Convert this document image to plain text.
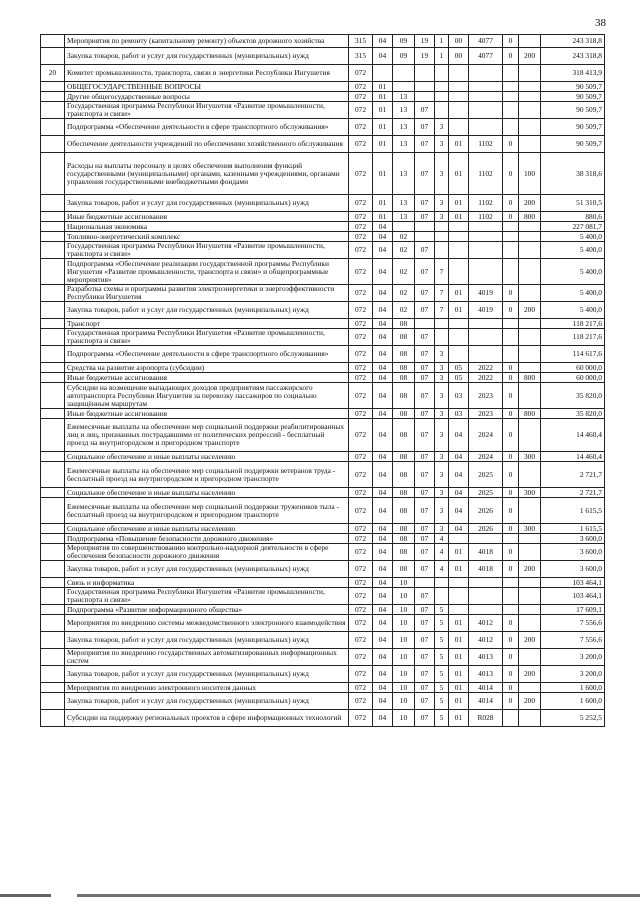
38
	Мероприятия по ремонту (капитальному ремонту) объектов дорожного хозяйства	315	04	09	19	1	00	4077	0		243 318,8
	Закупка товаров, работ и услуг для государственных (муниципальных) нужд	315	04	09	19	1	00	4077	0	200	243 318,8
20	Комитет промышленности, транспорта, связи и энергетики Республики Ингушетия	072									318 413,9
	ОБЩЕГОСУДАРСТВЕННЫЕ ВОПРОСЫ	072	01								90 509,7
	Другие общегосударственные вопросы	072	01	13							90 509,7
	Государственная программа Республики Ингушетия «Развитие промышленности, транспорта и связи»	072	01	13	07						90 509,7
	Подпрограмма «Обеспечение деятельности в сфере транспортного обслуживания»	072	01	13	07	3					90 509,7
	Обеспечение деятельности учреждений по обеспечению хозяйственного обслуживания	072	01	13	07	3	01	1102	0		90 509,7
	Расходы на выплаты персоналу в целях обеспечения выполнения функций государственными (муниципальными) органами, казенными учреждениями, органами управления государственными внебюджетными фондами	072	01	13	07	3	01	1102	0	100	38 318,6
	Закупка товаров, работ и услуг для государственных (муниципальных) нужд	072	01	13	07	3	01	1102	0	200	51 310,5
	Иные бюджетные ассигнования	072	01	13	07	3	01	1102	0	800	880,6
	Национальная экономика	072	04								227 081,7
	Топливно-энергетический комплекс	072	04	02							5 400,0
	Государственная программа Республики Ингушетия «Развитие промышленности, транспорта и связи»	072	04	02	07						5 400,0
	Подпрограмма «Обеспечение реализации государственной программы Республики Ингушетия «Развитие промышленности, транспорта и связи» и общепрограммные мероприятия»	072	04	02	07	7					5 400,0
	Разработка схемы и программы развития электроэнергетики и энергоэффективности Республики Ингушетия	072	04	02	07	7	01	4019	0		5 400,0
	Закупка товаров, работ и услуг для государственных (муниципальных) нужд	072	04	02	07	7	01	4019	0	200	5 400,0
	Транспорт	072	04	08							118 217,6
	Государственная программа Республики Ингушетия «Развитие промышленности, транспорта и связи»	072	04	08	07						118 217,6
	Подпрограмма «Обеспечение деятельности в сфере транспортного обслуживания»	072	04	08	07	3					114 617,6
	Средства на развитие аэропорта (субсидии)	072	04	08	07	3	05	2022	0		60 000,0
	Иные бюджетные ассигнования	072	04	08	07	3	05	2022	0	800	60 000,0
	Субсидии на возмещение выпадающих доходов предприятиям пассажирского автотранспорта Республики Ингушетия за перевозку пассажиров по социально защищённым маршрутам	072	04	08	07	3	03	2023	0		35 820,0
	Иные бюджетные ассигнования	072	04	08	07	3	03	2023	0	800	35 820,0
	Ежемесячные выплаты на обеспечение мер социальной поддержки реабилитированных лиц и лиц, признанных пострадавшими от политических репрессий - бесплатный проезд на внутригородском и пригородном транспорте	072	04	08	07	3	04	2024	0		14 460,4
	Социальное обеспечение и иные выплаты населению	072	04	08	07	3	04	2024	0	300	14 460,4
	Ежемесячные выплаты на обеспечение мер социальной поддержки ветеранов труда - бесплатный проезд на внутригородском и пригородном транспорте	072	04	08	07	3	04	2025	0		2 721,7
	Социальное обеспечение и иные выплаты населению	072	04	08	07	3	04	2025	0	300	2 721,7
	Ежемесячные выплаты на обеспечение мер социальной поддержки тружеников тыла - бесплатный проезд на внутригородском и пригородном транспорте	072	04	08	07	3	04	2026	0		1 615,5
	Социальное обеспечение и иные выплаты населению	072	04	08	07	3	04	2026	0	300	1 615,5
	Подпрограмма «Повышение безопасности дорожного движения»	072	04	08	07	4					3 600,0
	Мероприятия по совершенствованию контрольно-надзорной деятельности в сфере обеспечения безопасности дорожного движения	072	04	08	07	4	01	4018	0		3 600,0
	Закупка товаров, работ и услуг для государственных (муниципальных) нужд	072	04	08	07	4	01	4018	0	200	3 600,0
	Связь и информатика	072	04	10							103 464,1
	Государственная программа Республики Ингушетия «Развитие промышленности, транспорта и связи»	072	04	10	07						103 464,1
	Подпрограмма «Развитие информационного общества»	072	04	10	07	5					17 609,1
	Мероприятия по внедрению системы межведомственного электронного взаимодействия	072	04	10	07	5	01	4012	0		7 556,6
	Закупка товаров, работ и услуг для государственных (муниципальных) нужд	072	04	10	07	5	01	4012	0	200	7 556,6
	Мероприятия по внедрению государственных автоматизированных информационных систем	072	04	10	07	5	01	4013	0		3 200,0
	Закупка товаров, работ и услуг для государственных (муниципальных) нужд	072	04	10	07	5	01	4013	0	200	3 200,0
	Мероприятия по внедрению электронного носителя данных	072	04	10	07	5	01	4014	0		1 600,0
	Закупка товаров, работ и услуг для государственных (муниципальных) нужд	072	04	10	07	5	01	4014	0	200	1 600,0
	Субсидии на поддержку региональных проектов в сфере информационных технологий	072	04	10	07	5	01	R028			5 252,5
